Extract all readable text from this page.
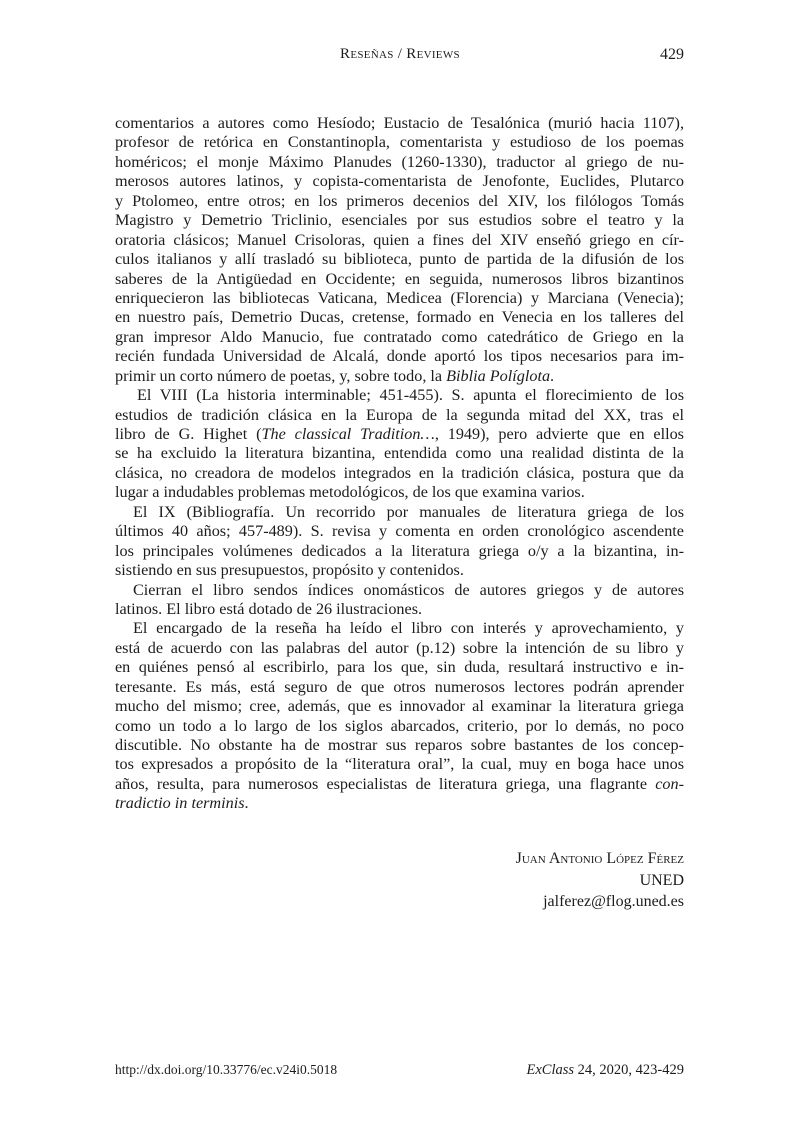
Reseñas / Reviews	429
comentarios a autores como Hesíodo; Eustacio de Tesalónica (murió hacia 1107),
profesor de retórica en Constantinopla, comentarista y estudioso de los poemas
homéricos; el monje Máximo Planudes (1260-1330), traductor al griego de nu-
merosos autores latinos, y copista-comentarista de Jenofonte, Euclides, Plutarco
y Ptolomeo, entre otros; en los primeros decenios del XIV, los filólogos Tomás
Magistro y Demetrio Triclinio, esenciales por sus estudios sobre el teatro y la
oratoria clásicos; Manuel Crisoloras, quien a fines del XIV enseñó griego en cír-
culos italianos y allí trasladó su biblioteca, punto de partida de la difusión de los
saberes de la Antigüedad en Occidente; en seguida, numerosos libros bizantinos
enriquecieron las bibliotecas Vaticana, Medicea (Florencia) y Marciana (Venecia);
en nuestro país, Demetrio Ducas, cretense, formado en Venecia en los talleres del
gran impresor Aldo Manucio, fue contratado como catedrático de Griego en la
recién fundada Universidad de Alcalá, donde aportó los tipos necesarios para im-
primir un corto número de poetas, y, sobre todo, la Biblia Políglota.
El VIII (La historia interminable; 451-455). S. apunta el florecimiento de los
estudios de tradición clásica en la Europa de la segunda mitad del XX, tras el
libro de G. Highet (The classical Tradition…, 1949), pero advierte que en ellos
se ha excluido la literatura bizantina, entendida como una realidad distinta de la
clásica, no creadora de modelos integrados en la tradición clásica, postura que da
lugar a indudables problemas metodológicos, de los que examina varios.
El IX (Bibliografía. Un recorrido por manuales de literatura griega de los
últimos 40 años; 457-489). S. revisa y comenta en orden cronológico ascendente
los principales volúmenes dedicados a la literatura griega o/y a la bizantina, in-
sistiendo en sus presupuestos, propósito y contenidos.
Cierran el libro sendos índices onomásticos de autores griegos y de autores
latinos. El libro está dotado de 26 ilustraciones.
El encargado de la reseña ha leído el libro con interés y aprovechamiento, y
está de acuerdo con las palabras del autor (p.12) sobre la intención de su libro y
en quiénes pensó al escribirlo, para los que, sin duda, resultará instructivo e in-
teresante. Es más, está seguro de que otros numerosos lectores podrán aprender
mucho del mismo; cree, además, que es innovador al examinar la literatura griega
como un todo a lo largo de los siglos abarcados, criterio, por lo demás, no poco
discutible. No obstante ha de mostrar sus reparos sobre bastantes de los concep-
tos expresados a propósito de la “literatura oral”, la cual, muy en boga hace unos
años, resulta, para numerosos especialistas de literatura griega, una flagrante con-
tradictio in terminis.
Juan Antonio López Férez
UNED
jalferez@flog.uned.es
http://dx.doi.org/10.33776/ec.v24i0.5018	ExClass 24, 2020, 423-429
